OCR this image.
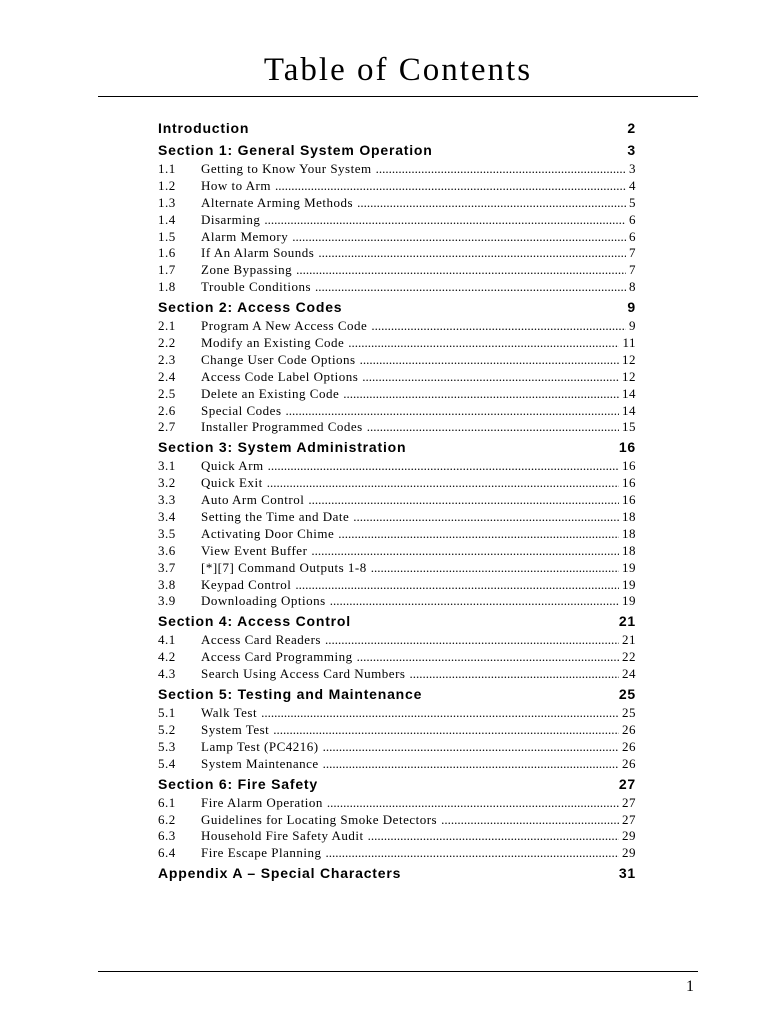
Table of Contents
Introduction	2
Section 1: General System Operation	3
1.1	Getting to Know Your System .....	3
1.2	How to Arm .....	4
1.3	Alternate Arming Methods .....	5
1.4	Disarming .....	6
1.5	Alarm Memory .....	6
1.6	If An Alarm Sounds .....	7
1.7	Zone Bypassing .....	7
1.8	Trouble Conditions .....	8
Section 2: Access Codes	9
2.1	Program A New Access Code .....	9
2.2	Modify an Existing Code .....	11
2.3	Change User Code Options .....	12
2.4	Access Code Label Options .....	12
2.5	Delete an Existing Code .....	14
2.6	Special Codes .....	14
2.7	Installer Programmed Codes .....	15
Section 3: System Administration	16
3.1	Quick Arm .....	16
3.2	Quick Exit .....	16
3.3	Auto Arm Control .....	16
3.4	Setting the Time and Date .....	18
3.5	Activating Door Chime .....	18
3.6	View Event Buffer .....	18
3.7	[*][7] Command Outputs 1-8 .....	19
3.8	Keypad Control .....	19
3.9	Downloading Options .....	19
Section 4: Access Control	21
4.1	Access Card Readers .....	21
4.2	Access Card Programming .....	22
4.3	Search Using Access Card Numbers .....	24
Section 5: Testing and Maintenance	25
5.1	Walk Test .....	25
5.2	System Test .....	26
5.3	Lamp Test (PC4216) .....	26
5.4	System Maintenance .....	26
Section 6: Fire Safety	27
6.1	Fire Alarm Operation .....	27
6.2	Guidelines for Locating Smoke Detectors .....	27
6.3	Household Fire Safety Audit .....	29
6.4	Fire Escape Planning .....	29
Appendix A – Special Characters	31
1
